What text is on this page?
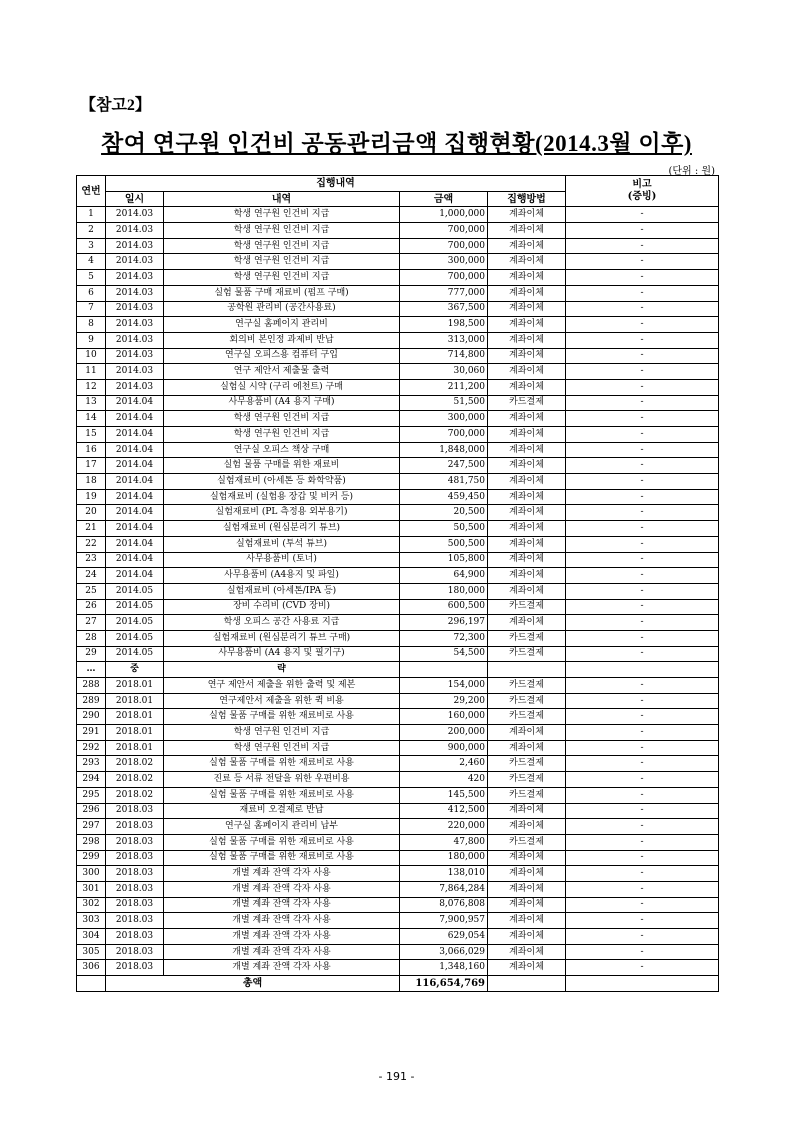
【참고2】
참여 연구원 인건비 공동관리금액 집행현황(2014.3월 이후)
(단위 : 원)
연번	집행내역				비고
(증빙)
	일시	내역	금액	집행방법	
1	2014.03	학생 연구원 인건비 지급	1,000,000	계좌이체	-
2	2014.03	학생 연구원 인건비 지급	700,000	계좌이체	-
3	2014.03	학생 연구원 인건비 지급	700,000	계좌이체	-
4	2014.03	학생 연구원 인건비 지급	300,000	계좌이체	-
5	2014.03	학생 연구원 인건비 지급	700,000	계좌이체	-
6	2014.03	실험 물품 구매 재료비 (펌프 구매)	777,000	계좌이체	-
7	2014.03	공학원 관리비 (공간사용료)	367,500	계좌이체	-
8	2014.03	연구실 홈페이지 관리비	198,500	계좌이체	-
9	2014.03	회의비 본인정 과제비 반납	313,000	계좌이체	-
10	2014.03	연구실 오피스용 컴퓨터 구입	714,800	계좌이체	-
11	2014.03	연구 제안서 제출물 출력	30,060	계좌이체	-
12	2014.03	실험실 시약 (구리 에천트) 구매	211,200	계좌이체	-
13	2014.04	사무용품비 (A4 용지 구매)	51,500	카드결제	-
14	2014.04	학생 연구원 인건비 지급	300,000	계좌이체	-
15	2014.04	학생 연구원 인건비 지급	700,000	계좌이체	-
16	2014.04	연구실 오피스 책상 구매	1,848,000	계좌이체	-
17	2014.04	실험 물품 구매를 위한 재료비	247,500	계좌이체	-
18	2014.04	실험재료비 (아세톤 등 화학약품)	481,750	계좌이체	-
19	2014.04	실험재료비 (실험용 장갑 및 비커 등)	459,450	계좌이체	-
20	2014.04	실험재료비 (PL 측정용 외부용기)	20,500	계좌이체	-
21	2014.04	실험재료비 (원심분리기 튜브)	50,500	계좌이체	-
22	2014.04	실험재료비 (투석 튜브)	500,500	계좌이체	-
23	2014.04	사무용품비 (토너)	105,800	계좌이체	-
24	2014.04	사무용품비 (A4용지 및 파일)	64,900	계좌이체	-
25	2014.05	실험재료비 (아세톤/IPA 등)	180,000	계좌이체	-
26	2014.05	장비 수리비 (CVD 장비)	600,500	카드결제	-
27	2014.05	학생 오피스 공간 사용료 지급	296,197	계좌이체	-
28	2014.05	실험재료비 (원심분리기 튜브 구매)	72,300	카드결제	-
29	2014.05	사무용품비 (A4 용지 및 필기구)	54,500	카드결제	-
…	중	략			
288	2018.01	연구 제안서 제출을 위한 출력 및 제본	154,000	카드결제	-
289	2018.01	연구제안서 제출을 위한 퀵 비용	29,200	카드결제	-
290	2018.01	실험 물품 구매를 위한 재료비로 사용	160,000	카드결제	-
291	2018.01	학생 연구원 인건비 지급	200,000	계좌이체	-
292	2018.01	학생 연구원 인건비 지급	900,000	계좌이체	-
293	2018.02	실험 물품 구매를 위한 재료비로 사용	2,460	카드결제	-
294	2018.02	진료 등 서류 전달을 위한 우편비용	420	카드결제	-
295	2018.02	실험 물품 구매를 위한 재료비로 사용	145,500	카드결제	-
296	2018.03	재료비 오결제로 반납	412,500	계좌이체	-
297	2018.03	연구실 홈페이지 관리비 납부	220,000	계좌이체	-
298	2018.03	실험 물품 구매를 위한 재료비로 사용	47,800	카드결제	-
299	2018.03	실험 물품 구매를 위한 재료비로 사용	180,000	계좌이체	-
300	2018.03	개별 계좌 잔액 각자 사용	138,010	계좌이체	-
301	2018.03	개별 계좌 잔액 각자 사용	7,864,284	계좌이체	-
302	2018.03	개별 계좌 잔액 각자 사용	8,076,808	계좌이체	-
303	2018.03	개별 계좌 잔액 각자 사용	7,900,957	계좌이체	-
304	2018.03	개별 계좌 잔액 각자 사용	629,054	계좌이체	-
305	2018.03	개별 계좌 잔액 각자 사용	3,066,029	계좌이체	-
306	2018.03	개별 계좌 잔액 각자 사용	1,348,160	계좌이체	-
	총액		116,654,769		
- 191 -
